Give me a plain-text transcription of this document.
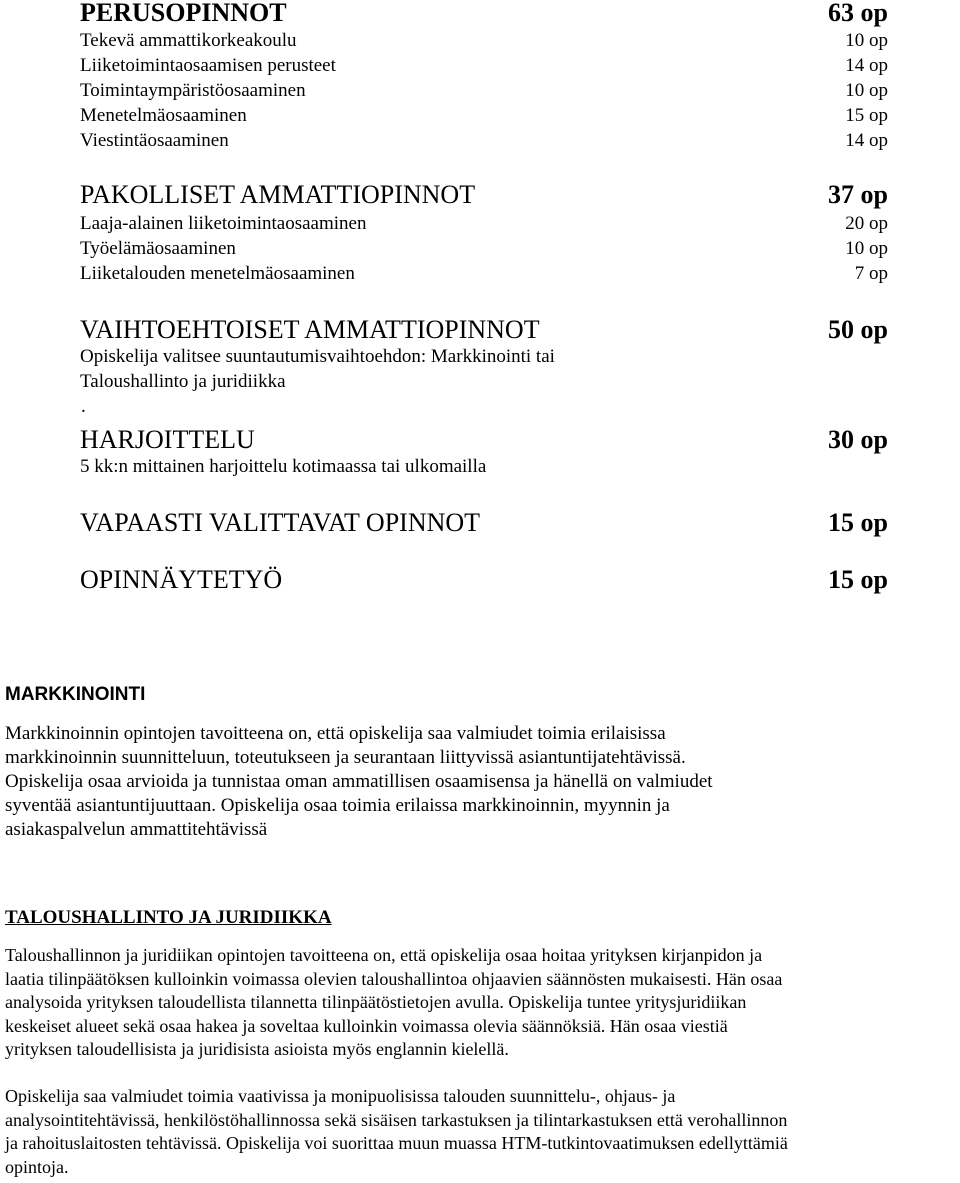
PERUSOPINNOT	63 op
Tekevä ammattikorkeakoulu	10 op
Liiketoimintaosaamisen perusteet	14 op
Toimintaympäristöosaaminen	10 op
Menetelmäosaaminen	15 op
Viestintäosaaminen	14 op
PAKOLLISET AMMATTIOPINNOT	37 op
Laaja-alainen liiketoimintaosaaminen	20 op
Työelämäosaaminen	10 op
Liiketalouden menetelmäosaaminen	7 op
VAIHTOEHTOISET AMMATTIOPINNOT	50 op
Opiskelija valitsee suuntautumisvaihtoehdon: Markkinointi tai
Taloushallinto ja juridiikka
.
HARJOITTELU	30 op
5 kk:n mittainen harjoittelu kotimaassa tai ulkomailla
VAPAASTI VALITTAVAT OPINNOT	15 op
OPINNÄYTETYÖ	15 op
MARKKINOINTI
Markkinoinnin opintojen tavoitteena on, että opiskelija saa valmiudet toimia erilaisissa
markkinoinnin suunnitteluun, toteutukseen ja seurantaan liittyvissä asiantuntijatehtävissä.
Opiskelija osaa arvioida ja tunnistaa oman ammatillisen osaamisensa ja hänellä on valmiudet
syventää asiantuntijuuttaan. Opiskelija osaa toimia erilaissa markkinoinnin, myynnin ja
asiakaspalvelun ammattitehtävissä
TALOUSHALLINTO JA JURIDIIKKA
Taloushallinnon ja juridiikan opintojen tavoitteena on, että opiskelija osaa hoitaa yrityksen kirjanpidon ja
laatia tilinpäätöksen kulloinkin voimassa olevien taloushallintoa ohjaavien säännösten mukaisesti. Hän osaa
analysoida yrityksen taloudellista tilannetta tilinpäätöstietojen avulla. Opiskelija tuntee yritysjuridiikan
keskeiset alueet sekä osaa hakea ja soveltaa kulloinkin voimassa olevia säännöksiä. Hän osaa viestiä
yrityksen taloudellisista ja juridisista asioista myös englannin kielellä.
Opiskelija saa valmiudet toimia vaativissa ja monipuolisissa talouden suunnittelu-, ohjaus- ja
analysointitehtävissä, henkilöstöhallinnossa sekä sisäisen tarkastuksen ja tilintarkastuksen että verohallinnon
ja rahoituslaitosten tehtävissä. Opiskelija voi suorittaa muun muassa HTM-tutkintovaatimuksen edellyttämiä
opintoja.
